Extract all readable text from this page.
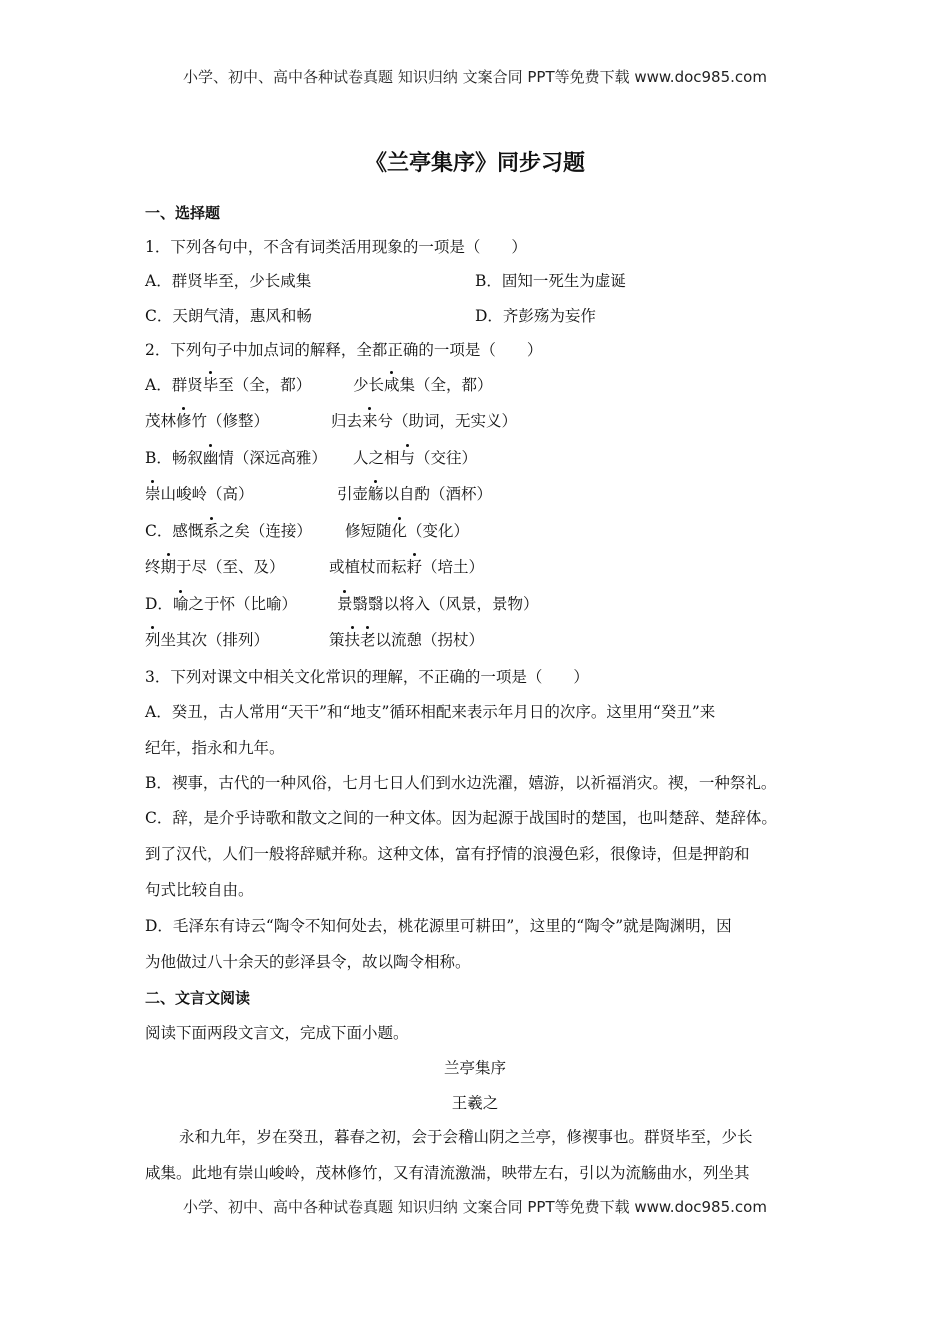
小学、初中、高中各种试卷真题 知识归纳 文案合同 PPT等免费下载 www.doc985.com
《兰亭集序》同步习题
一、选择题
1．下列各句中，不含有词类活用现象的一项是（　　）
A．群贤毕至，少长咸集	B．固知一死生为虚诞
C．天朗气清，惠风和畅	D．齐彭殇为妄作
2．下列句子中加点词的解释，全都正确的一项是（　　）
A．群贤毕至（全，都）	少长咸集（全，都）
茂林修竹（修整）	归去来兮（助词，无实义）
B．畅叙幽情（深远高雅） 人之相与（交往）
崇山峻岭（高）	引壶觞以自酌（酒杯）
C．感慨系之矣（连接） 修短随化（变化）
终期于尽（至、及）	或植杖而耘耔（培土）
D．喻之于怀（比喻）	景翳翳以将入（风景，景物）
列坐其次（排列）	策扶老以流憩（拐杖）
3．下列对课文中相关文化常识的理解，不正确的一项是（　　）
A．癸丑，古人常用“天干”和“地支”循环相配来表示年月日的次序。这里用“癸丑”来
纪年，指永和九年。
B．禊事，古代的一种风俗，七月七日人们到水边洗濯，嬉游，以祈福消灾。禊，一种祭礼。
C．辞，是介乎诗歌和散文之间的一种文体。因为起源于战国时的楚国，也叫楚辞、楚辞体。
到了汉代，人们一般将辞赋并称。这种文体，富有抒情的浪漫色彩，很像诗，但是押韵和
句式比较自由。
D．毛泽东有诗云“陶令不知何处去，桃花源里可耕田”，这里的“陶令”就是陶渊明，因
为他做过八十余天的彭泽县令，故以陶令相称。
二、文言文阅读
阅读下面两段文言文，完成下面小题。
兰亭集序
王羲之
永和九年，岁在癸丑，暮春之初，会于会稽山阴之兰亭，修禊事也。群贤毕至，少长
咸集。此地有崇山峻岭，茂林修竹，又有清流激湍，映带左右，引以为流觞曲水，列坐其
小学、初中、高中各种试卷真题 知识归纳 文案合同 PPT等免费下载 www.doc985.com
